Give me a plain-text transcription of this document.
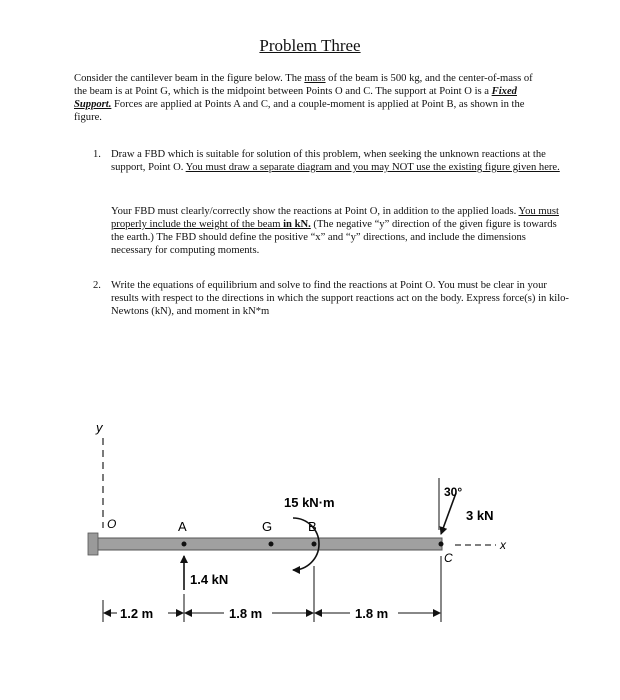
Problem Three
Consider the cantilever beam in the figure below. The mass of the beam is 500 kg, and the center-of-mass of the beam is at Point G, which is the midpoint between Points O and C. The support at Point O is a Fixed Support. Forces are applied at Points A and C, and a couple-moment is applied at Point B, as shown in the figure.
1. Draw a FBD which is suitable for solution of this problem, when seeking the unknown reactions at the support, Point O. You must draw a separate diagram and you may NOT use the existing figure given here.
Your FBD must clearly/correctly show the reactions at Point O, in addition to the applied loads. You must properly include the weight of the beam in kN. (The negative “y” direction of the given figure is towards the earth.) The FBD should define the positive “x” and “y” directions, and include the dimensions necessary for computing moments.
2. Write the equations of equilibrium and solve to find the reactions at Point O. You must be clear in your results with respect to the directions in which the support reactions act on the body. Express force(s) in kilo-Newtons (kN), and moment in kN*m
y
O	A	G	B
C
15 kN·m
1.4 kN
30°
3 kN
x
1.2 m	1.8 m	1.8 m
